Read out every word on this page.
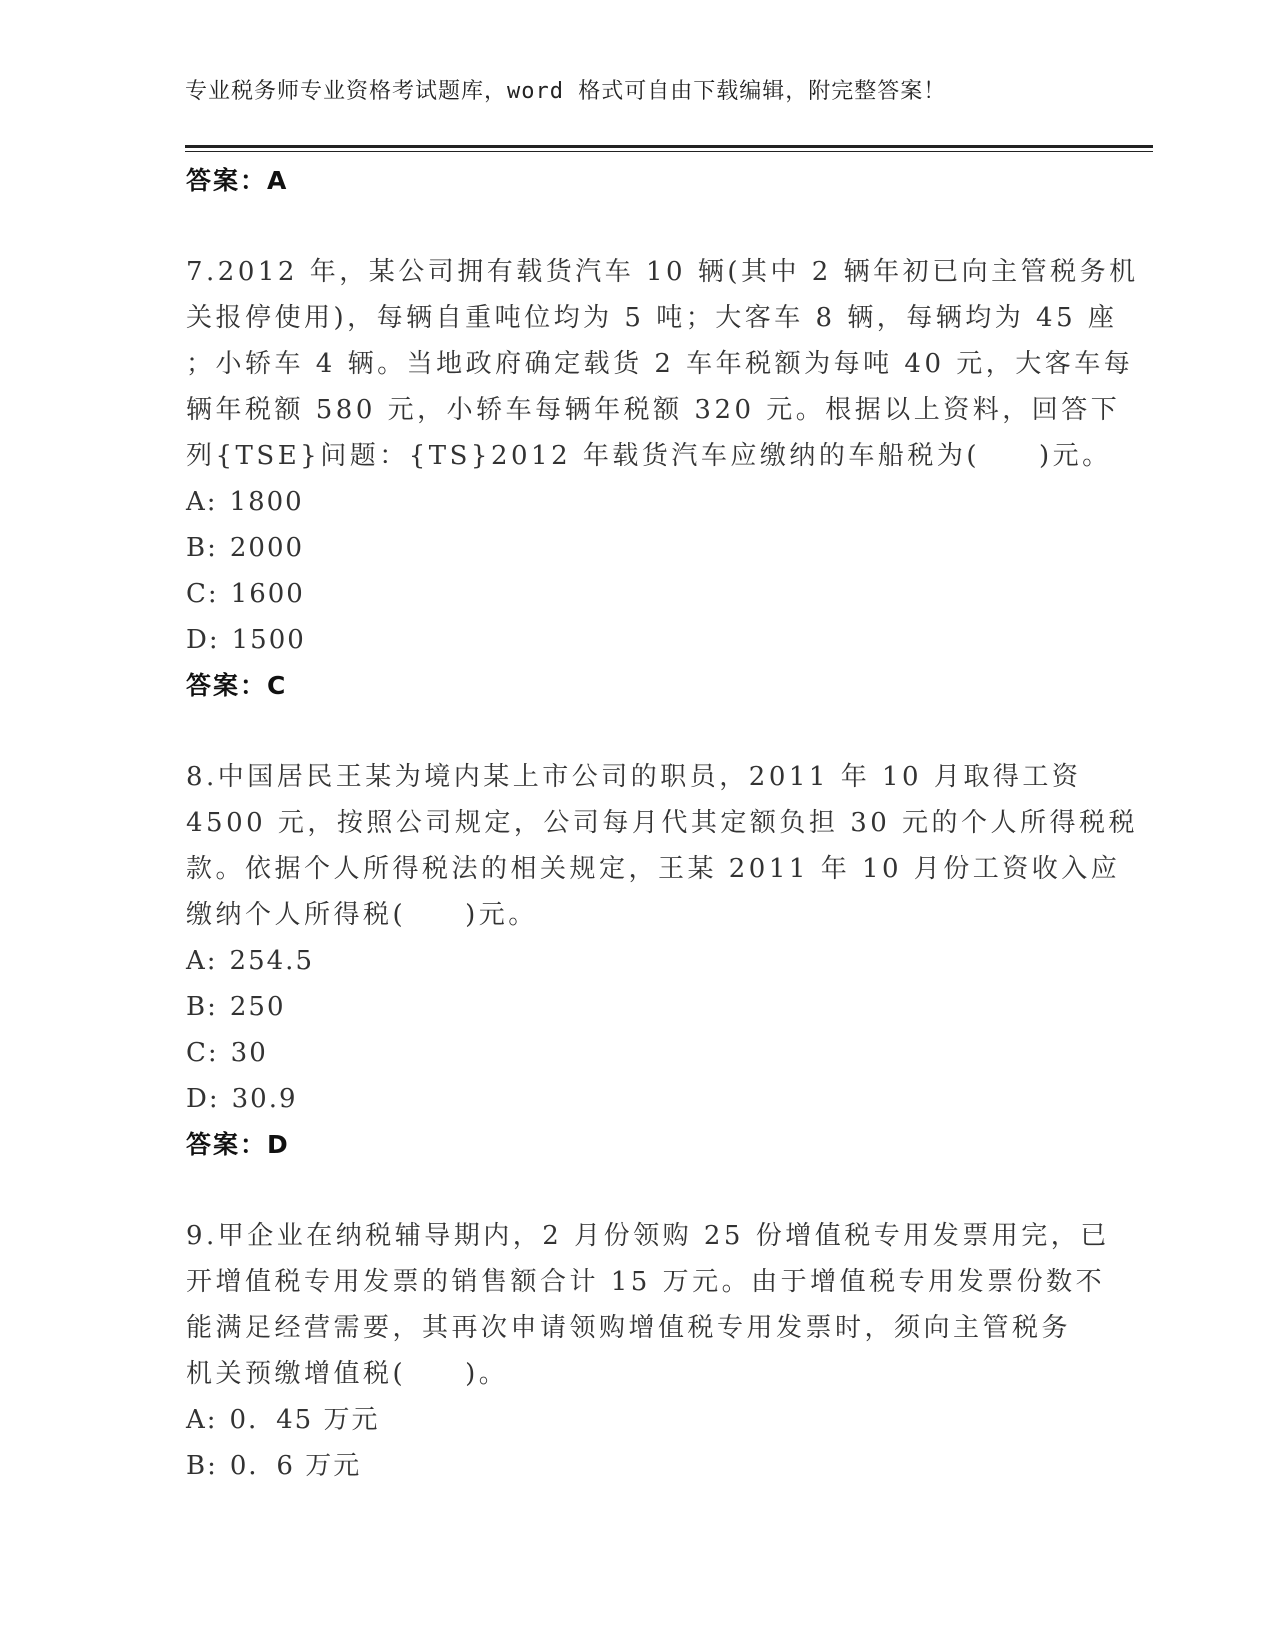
专业税务师专业资格考试题库，word 格式可自由下载编辑，附完整答案！
答案：A
7.2012 年，某公司拥有载货汽车 10 辆(其中 2 辆年初已向主管税务机
关报停使用)，每辆自重吨位均为 5 吨；大客车 8 辆，每辆均为 45 座
；小轿车 4 辆。当地政府确定载货 2 车年税额为每吨 40 元，大客车每
辆年税额 580 元，小轿车每辆年税额 320 元。根据以上资料，回答下
列{TSE}问题：{TS}2012 年载货汽车应缴纳的车船税为(　　)元。
A: 1800
B: 2000
C: 1600
D: 1500
答案：C
8.中国居民王某为境内某上市公司的职员，2011 年 10 月取得工资
4500 元，按照公司规定，公司每月代其定额负担 30 元的个人所得税税
款。依据个人所得税法的相关规定，王某 2011 年 10 月份工资收入应
缴纳个人所得税(　　)元。
A: 254.5
B: 250
C: 30
D: 30.9
答案：D
9.甲企业在纳税辅导期内，2 月份领购 25 份增值税专用发票用完，已
开增值税专用发票的销售额合计 15 万元。由于增值税专用发票份数不
能满足经营需要，其再次申请领购增值税专用发票时，须向主管税务
机关预缴增值税(　　)。
A: 0．45 万元
B: 0．6 万元
